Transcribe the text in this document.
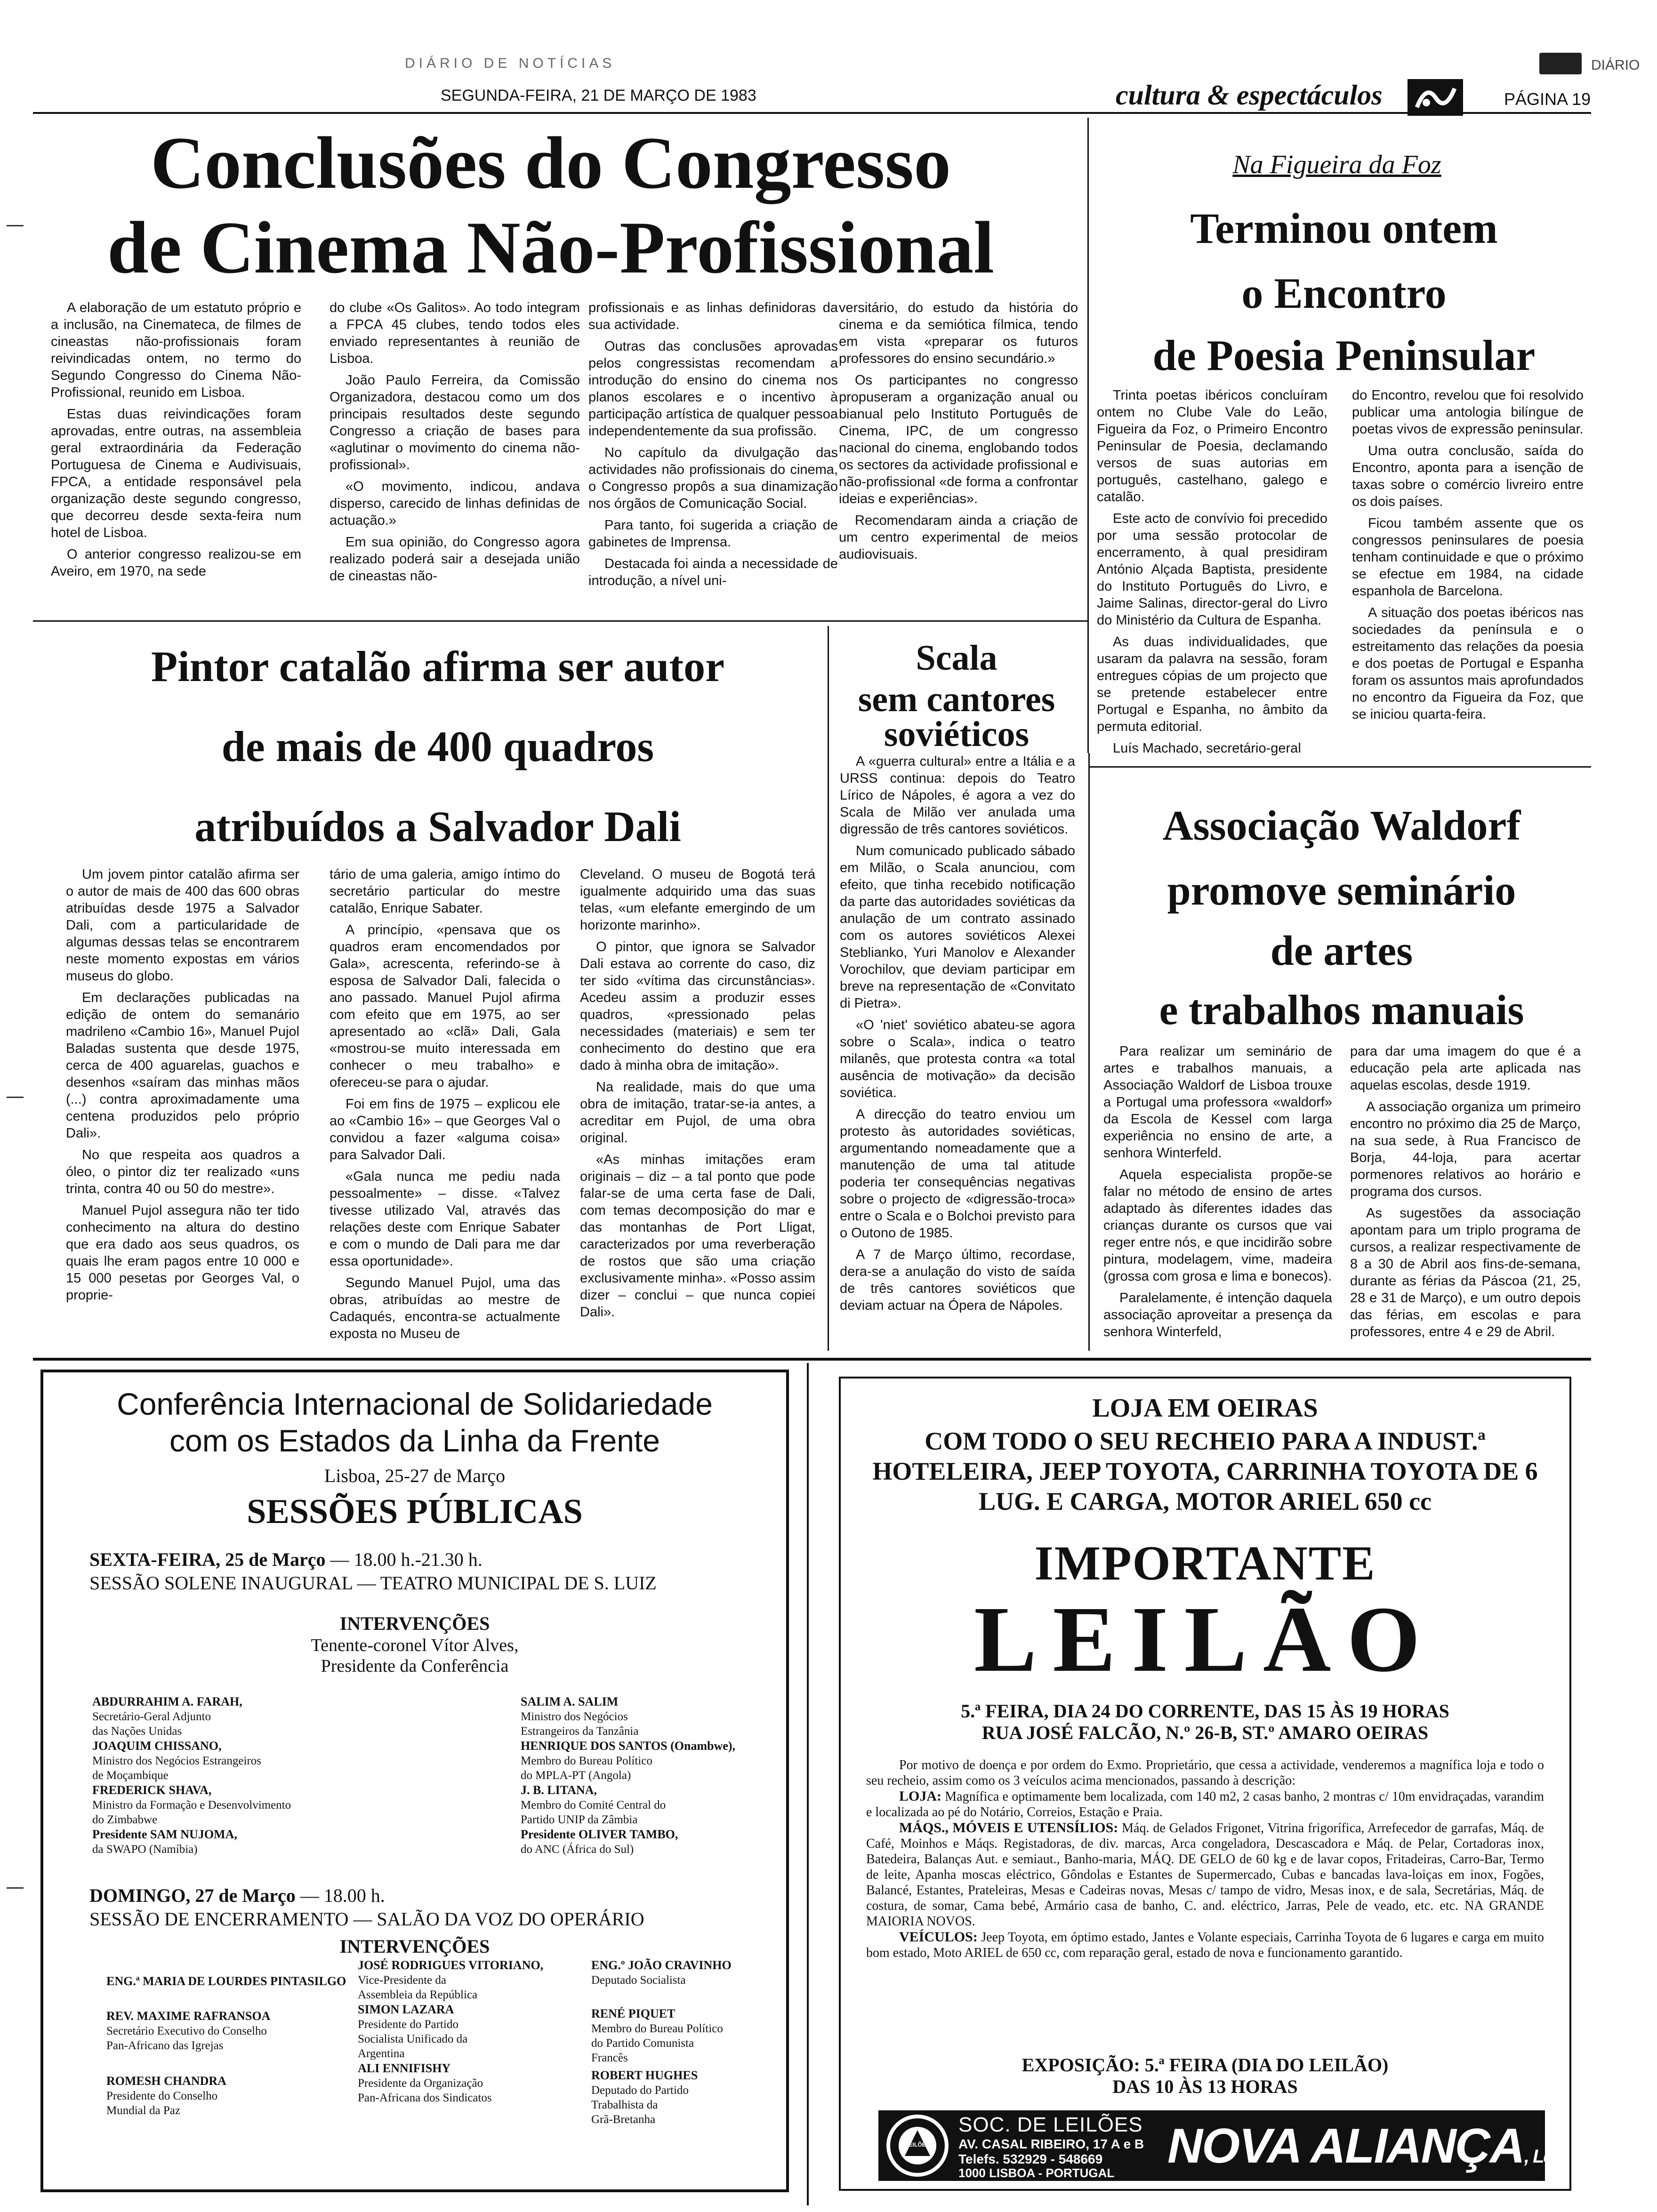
DIÁRIO DE NOTÍCIAS
SEGUNDA-FEIRA, 21 DE MARÇO DE 1983
DIÁRIO
cultura & espectáculos	PÁGINA 19
Conclusões do Congresso
de Cinema Não-Profissional

A elaboração de um estatuto próprio e a inclusão, na Cinemateca, de filmes de cineastas não-profissionais foram reivindicadas ontem, no termo do Segundo Congresso do Cinema Não-Profissional, reunido em Lisboa.

Estas duas reivindicações foram aprovadas, entre outras, na assembleia geral extraordinária da Federação Portuguesa de Cinema e Audivisuais, FPCA, a entidade responsável pela organização deste segundo congresso, que decorreu desde sexta-feira num hotel de Lisboa.

O anterior congresso realizou-se em Aveiro, em 1970, na sede

do clube «Os Galitos». Ao todo integram a FPCA 45 clubes, tendo todos eles enviado representantes à reunião de Lisboa.

João Paulo Ferreira, da Comissão Organizadora, destacou como um dos principais resultados deste segundo Congresso a criação de bases para «aglutinar o movimento do cinema não-profissional».

«O movimento, indicou, andava disperso, carecido de linhas definidas de actuação.»

Em sua opinião, do Congresso agora realizado poderá sair a desejada união de cineastas não-

profissionais e as linhas definidoras da sua actividade.

Outras das conclusões aprovadas pelos congressistas recomendam a introdução do ensino do cinema nos planos escolares e o incentivo à participação artística de qualquer pessoa independentemente da sua profissão.

No capítulo da divulgação das actividades não profissionais do cinema, o Congresso propôs a sua dinamização nos órgãos de Comunicação Social.

Para tanto, foi sugerida a criação de gabinetes de Imprensa.

Destacada foi ainda a necessidade de introdução, a nível uni-

versitário, do estudo da história do cinema e da semiótica fílmica, tendo em vista «preparar os futuros professores do ensino secundário.»

Os participantes no congresso propuseram a organização anual ou bianual pelo Instituto Português de Cinema, IPC, de um congresso nacional do cinema, englobando todos os sectores da actividade profissional e não-profissional «de forma a confrontar ideias e experiências».

Recomendaram ainda a criação de um centro experimental de meios audiovisuais.

Na Figueira da Foz
Terminou ontem
o Encontro
de Poesia Peninsular

Trinta poetas ibéricos concluíram ontem no Clube Vale do Leão, Figueira da Foz, o Primeiro Encontro Peninsular de Poesia, declamando versos de suas autorias em português, castelhano, galego e catalão.

Este acto de convívio foi precedido por uma sessão protocolar de encerramento, à qual presidiram António Alçada Baptista, presidente do Instituto Português do Livro, e Jaime Salinas, director-geral do Livro do Ministério da Cultura de Espanha.

As duas individualidades, que usaram da palavra na sessão, foram entregues cópias de um projecto que se pretende estabelecer entre Portugal e Espanha, no âmbito da permuta editorial.

Luís Machado, secretário-geral

do Encontro, revelou que foi resolvido publicar uma antologia bilíngue de poetas vivos de expressão peninsular.

Uma outra conclusão, saída do Encontro, aponta para a isenção de taxas sobre o comércio livreiro entre os dois países.

Ficou também assente que os congressos peninsulares de poesia tenham continuidade e que o próximo se efectue em 1984, na cidade espanhola de Barcelona.

A situação dos poetas ibéricos nas sociedades da península e o estreitamento das relações da poesia e dos poetas de Portugal e Espanha foram os assuntos mais aprofundados no encontro da Figueira da Foz, que se iniciou quarta-feira.

Pintor catalão afirma ser autor
de mais de 400 quadros
atribuídos a Salvador Dali

Um jovem pintor catalão afirma ser o autor de mais de 400 das 600 obras atribuídas desde 1975 a Salvador Dali, com a particularidade de algumas dessas telas se encontrarem neste momento expostas em vários museus do globo.

Em declarações publicadas na edição de ontem do semanário madrileno «Cambio 16», Manuel Pujol Baladas sustenta que desde 1975, cerca de 400 aguarelas, guachos e desenhos «saíram das minhas mãos (...) contra aproximadamente uma centena produzidos pelo próprio Dali».

No que respeita aos quadros a óleo, o pintor diz ter realizado «uns trinta, contra 40 ou 50 do mestre».

Manuel Pujol assegura não ter tido conhecimento na altura do destino que era dado aos seus quadros, os quais lhe eram pagos entre 10 000 e 15 000 pesetas por Georges Val, o proprie-

tário de uma galeria, amigo íntimo do secretário particular do mestre catalão, Enrique Sabater.

A princípio, «pensava que os quadros eram encomendados por Gala», acrescenta, referindo-se à esposa de Salvador Dali, falecida o ano passado. Manuel Pujol afirma com efeito que em 1975, ao ser apresentado ao «clã» Dali, Gala «mostrou-se muito interessada em conhecer o meu trabalho» e ofereceu-se para o ajudar.

Foi em fins de 1975 – explicou ele ao «Cambio 16» – que Georges Val o convidou a fazer «alguma coisa» para Salvador Dali.

«Gala nunca me pediu nada pessoalmente» – disse. «Talvez tivesse utilizado Val, através das relações deste com Enrique Sabater e com o mundo de Dali para me dar essa oportunidade».

Segundo Manuel Pujol, uma das obras, atribuídas ao mestre de Cadaqués, encontra-se actualmente exposta no Museu de

Cleveland. O museu de Bogotá terá igualmente adquirido uma das suas telas, «um elefante emergindo de um horizonte marinho».

O pintor, que ignora se Salvador Dali estava ao corrente do caso, diz ter sido «vítima das circunstâncias». Acedeu assim a produzir esses quadros, «pressionado pelas necessidades (materiais) e sem ter conhecimento do destino que era dado à minha obra de imitação».

Na realidade, mais do que uma obra de imitação, tratar-se-ia antes, a acreditar em Pujol, de uma obra original.

«As minhas imitações eram originais – diz – a tal ponto que pode falar-se de uma certa fase de Dali, com temas decomposição do mar e das montanhas de Port Lligat, caracterizados por uma reverberação de rostos que são uma criação exclusivamente minha». «Posso assim dizer – conclui – que nunca copiei Dali».

Scala
sem cantores
soviéticos

A «guerra cultural» entre a Itália e a URSS continua: depois do Teatro Lírico de Nápoles, é agora a vez do Scala de Milão ver anulada uma digressão de três cantores soviéticos.

Num comunicado publicado sábado em Milão, o Scala anunciou, com efeito, que tinha recebido notificação da parte das autoridades soviéticas da anulação de um contrato assinado com os autores soviéticos Alexei Steblianko, Yuri Manolov e Alexander Vorochilov, que deviam participar em breve na representação de «Convitato di Pietra».

«O 'niet' soviético abateu-se agora sobre o Scala», indica o teatro milanês, que protesta contra «a total ausência de motivação» da decisão soviética.

A direcção do teatro enviou um protesto às autoridades soviéticas, argumentando nomeadamente que a manutenção de uma tal atitude poderia ter consequências negativas sobre o projecto de «digressão-troca» entre o Scala e o Bolchoi previsto para o Outono de 1985.

A 7 de Março último, recordase, dera-se a anulação do visto de saída de três cantores soviéticos que deviam actuar na Ópera de Nápoles.

Associação Waldorf
promove seminário
de artes
e trabalhos manuais

Para realizar um seminário de artes e trabalhos manuais, a Associação Waldorf de Lisboa trouxe a Portugal uma professora «waldorf» da Escola de Kessel com larga experiência no ensino de arte, a senhora Winterfeld.

Aquela especialista propõe-se falar no método de ensino de artes adaptado às diferentes idades das crianças durante os cursos que vai reger entre nós, e que incidirão sobre pintura, modelagem, vime, madeira (grossa com grosa e lima e bonecos).

Paralelamente, é intenção daquela associação aproveitar a presença da senhora Winterfeld,

para dar uma imagem do que é a educação pela arte aplicada nas aquelas escolas, desde 1919.

A associação organiza um primeiro encontro no próximo dia 25 de Março, na sua sede, à Rua Francisco de Borja, 44-loja, para acertar pormenores relativos ao horário e programa dos cursos.

As sugestões da associação apontam para um triplo programa de cursos, a realizar respectivamente de 8 a 30 de Abril aos fins-de-semana, durante as férias da Páscoa (21, 25, 28 e 31 de Março), e um outro depois das férias, em escolas e para professores, entre 4 e 29 de Abril.

Conferência Internacional de Solidariedade
com os Estados da Linha da Frente
Lisboa, 25-27 de Março
SESSÕES PÚBLICAS
SEXTA-FEIRA, 25 de Março — 18.00 h.-21.30 h.
SESSÃO SOLENE INAUGURAL — TEATRO MUNICIPAL DE S. LUIZ
INTERVENÇÕES
Tenente-coronel Vítor Alves,
Presidente da Conferência
ABDURRAHIM A. FARAH,
Secretário-Geral Adjunto
das Nações Unidas
JOAQUIM CHISSANO,
Ministro dos Negócios Estrangeiros
de Moçambique
FREDERICK SHAVA,
Ministro da Formação e Desenvolvimento
do Zimbabwe
Presidente SAM NUJOMA,
da SWAPO (Namíbia)
SALIM A. SALIM
Ministro dos Negócios
Estrangeiros da Tanzânia
HENRIQUE DOS SANTOS (Onambwe),
Membro do Bureau Político
do MPLA-PT (Angola)
J. B. LITANA,
Membro do Comité Central do
Partido UNIP da Zâmbia
Presidente OLIVER TAMBO,
do ANC (África do Sul)
DOMINGO, 27 de Março — 18.00 h.
SESSÃO DE ENCERRAMENTO — SALÃO DA VOZ DO OPERÁRIO
INTERVENÇÕES
ENG.ª MARIA DE LOURDES PINTASILGO
REV. MAXIME RAFRANSOA
Secretário Executivo do Conselho
Pan-Africano das Igrejas
ROMESH CHANDRA
Presidente do Conselho
Mundial da Paz
JOSÉ RODRIGUES VITORIANO,
Vice-Presidente da
Assembleia da República
SIMON LAZARA
Presidente do Partido
Socialista Unificado da
Argentina
ALI ENNIFISHY
Presidente da Organização
Pan-Africana dos Sindicatos
ENG.º JOÃO CRAVINHO
Deputado Socialista
RENÉ PIQUET
Membro do Bureau Político
do Partido Comunista
Francês
ROBERT HUGHES
Deputado do Partido
Trabalhista da
Grã-Bretanha
LOJA EM OEIRAS
COM TODO O SEU RECHEIO PARA A INDUST.ª HOTELEIRA, JEEP TOYOTA, CARRINHA TOYOTA DE 6 LUG. E CARGA, MOTOR ARIEL 650 cc
IMPORTANTE
LEILÃO
5.ª FEIRA, DIA 24 DO CORRENTE, DAS 15 ÀS 19 HORAS
RUA JOSÉ FALCÃO, N.º 26-B, ST.º AMARO OEIRAS
Por motivo de doença e por ordem do Exmo. Proprietário, que cessa a actividade, venderemos a magnífica loja e todo o seu recheio, assim como os 3 veículos acima mencionados, passando à descrição:
LOJA: Magnífica e optimamente bem localizada, com 140 m2, 2 casas banho, 2 montras c/ 10m envidraçadas, varandim e localizada ao pé do Notário, Correios, Estação e Praia.
MÁQS., MÓVEIS E UTENSÍLIOS: Máq. de Gelados Frigonet, Vitrina frigorífica, Arrefecedor de garrafas, Máq. de Café, Moinhos e Máqs. Registadoras, de div. marcas, Arca congeladora, Descascadora e Máq. de Pelar, Cortadoras inox, Batedeira, Balanças Aut. e semiaut., Banho-maria, MÁQ. DE GELO de 60 kg e de lavar copos, Fritadeiras, Carro-Bar, Termo de leite, Apanha moscas eléctrico, Gôndolas e Estantes de Supermercado, Cubas e bancadas lava-loiças em inox, Fogões, Balancé, Estantes, Prateleiras, Mesas e Cadeiras novas, Mesas c/ tampo de vidro, Mesas inox, e de sala, Secretárias, Máq. de costura, de somar, Cama bebé, Armário casa de banho, C. and. eléctrico, Jarras, Pele de veado, etc. etc. NA GRANDE MAIORIA NOVOS.
VEÍCULOS: Jeep Toyota, em óptimo estado, Jantes e Volante especiais, Carrinha Toyota de 6 lugares e carga em muito bom estado, Moto ARIEL de 650 cc, com reparação geral, estado de nova e funcionamento garantido.
EXPOSIÇÃO: 5.ª FEIRA (DIA DO LEILÃO)
DAS 10 ÀS 13 HORAS
LEILÕES
SOC. DE LEILÕES
AV. CASAL RIBEIRO, 17 A e B
Telefs. 532929 - 548669
1000 LISBOA - PORTUGAL NOVA ALIANÇA, Lda.
